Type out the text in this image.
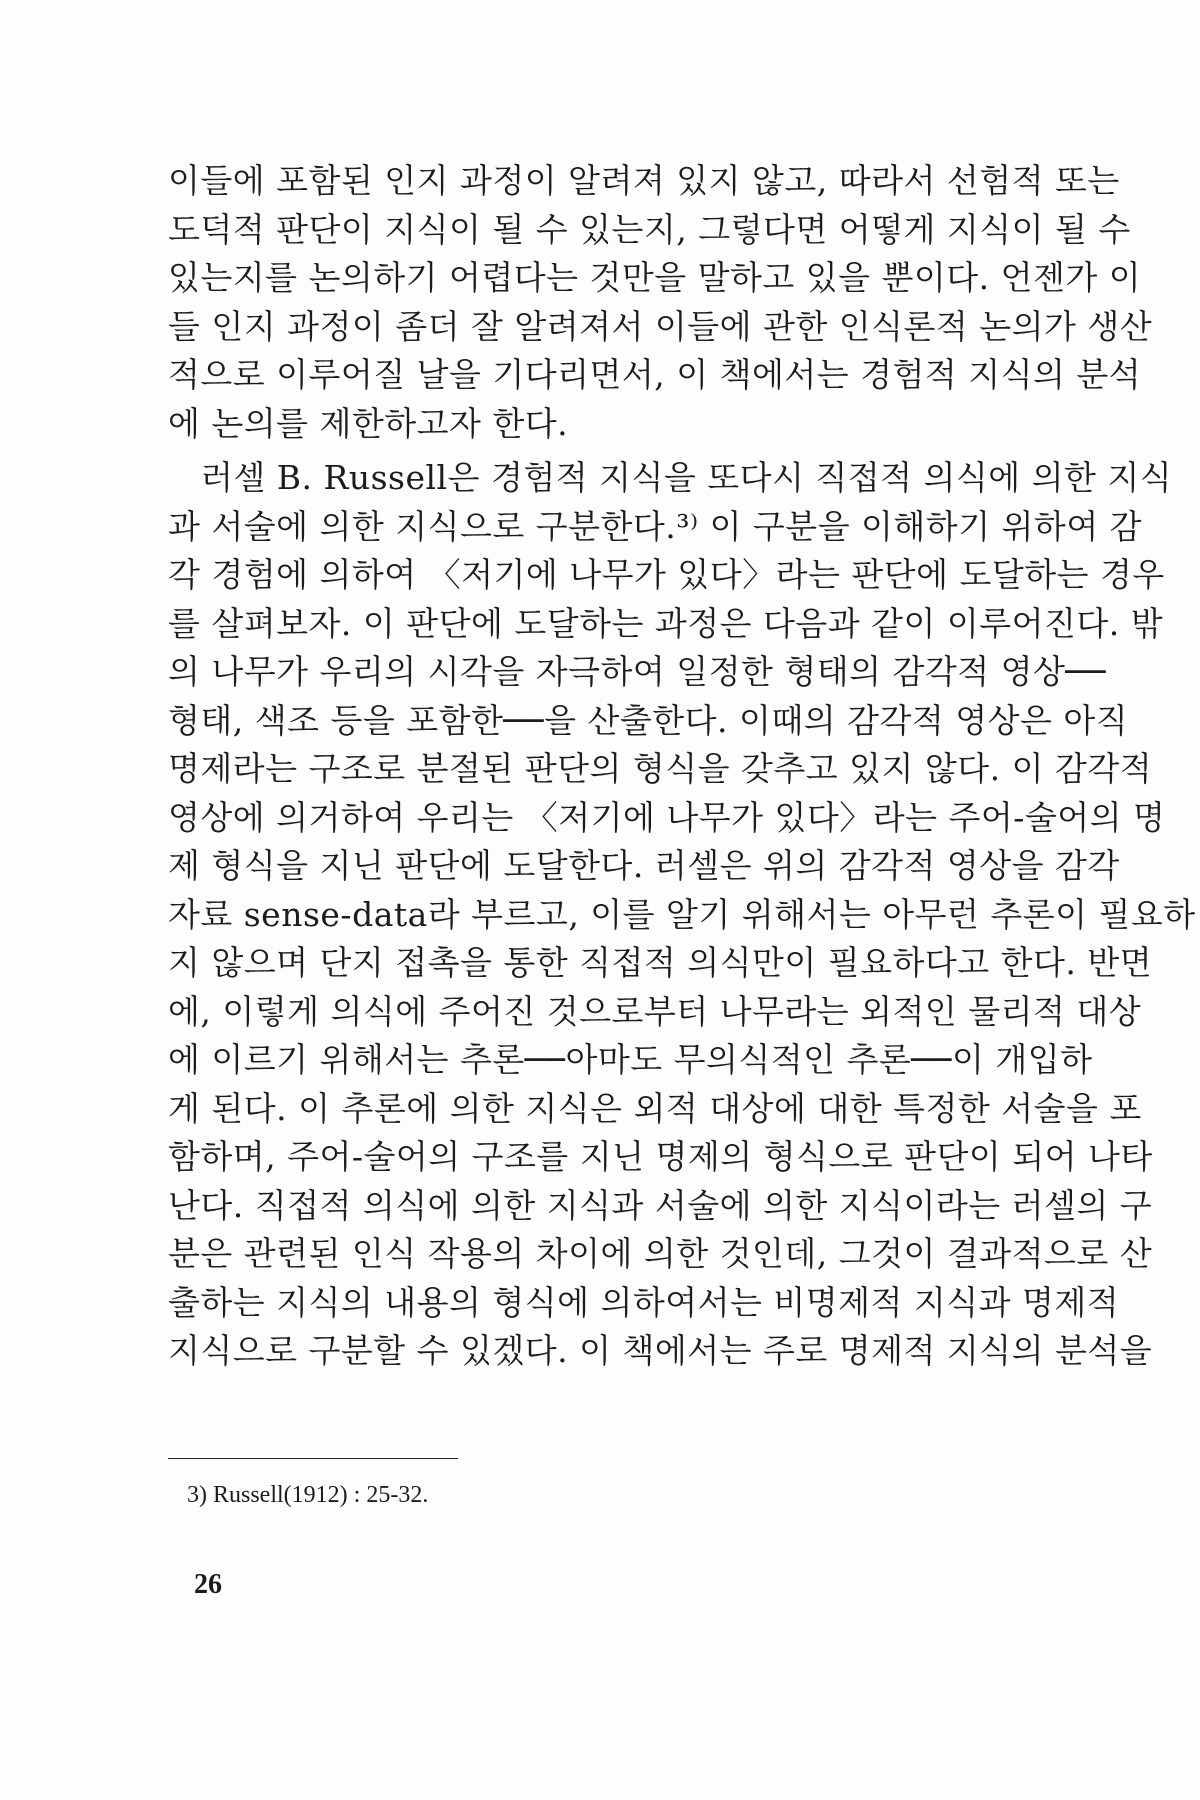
이들에 포함된 인지 과정이 알려져 있지 않고, 따라서 선험적 또는
도덕적 판단이 지식이 될 수 있는지, 그렇다면 어떻게 지식이 될 수
있는지를 논의하기 어렵다는 것만을 말하고 있을 뿐이다. 언젠가 이
들 인지 과정이 좀더 잘 알려져서 이들에 관한 인식론적 논의가 생산
적으로 이루어질 날을 기다리면서, 이 책에서는 경험적 지식의 분석
에 논의를 제한하고자 한다.
러셀 B. Russell은 경험적 지식을 또다시 직접적 의식에 의한 지식
과 서술에 의한 지식으로 구분한다.³⁾ 이 구분을 이해하기 위하여 감
각 경험에 의하여 〈저기에 나무가 있다〉라는 판단에 도달하는 경우
를 살펴보자. 이 판단에 도달하는 과정은 다음과 같이 이루어진다. 밖
의 나무가 우리의 시각을 자극하여 일정한 형태의 감각적 영상──
형태, 색조 등을 포함한──을 산출한다. 이때의 감각적 영상은 아직
명제라는 구조로 분절된 판단의 형식을 갖추고 있지 않다. 이 감각적
영상에 의거하여 우리는 〈저기에 나무가 있다〉라는 주어-술어의 명
제 형식을 지닌 판단에 도달한다. 러셀은 위의 감각적 영상을 감각
자료 sense-data라 부르고, 이를 알기 위해서는 아무런 추론이 필요하
지 않으며 단지 접촉을 통한 직접적 의식만이 필요하다고 한다. 반면
에, 이렇게 의식에 주어진 것으로부터 나무라는 외적인 물리적 대상
에 이르기 위해서는 추론──아마도 무의식적인 추론──이 개입하
게 된다. 이 추론에 의한 지식은 외적 대상에 대한 특정한 서술을 포
함하며, 주어-술어의 구조를 지닌 명제의 형식으로 판단이 되어 나타
난다. 직접적 의식에 의한 지식과 서술에 의한 지식이라는 러셀의 구
분은 관련된 인식 작용의 차이에 의한 것인데, 그것이 결과적으로 산
출하는 지식의 내용의 형식에 의하여서는 비명제적 지식과 명제적
지식으로 구분할 수 있겠다. 이 책에서는 주로 명제적 지식의 분석을
3) Russell(1912) : 25-32.
26
